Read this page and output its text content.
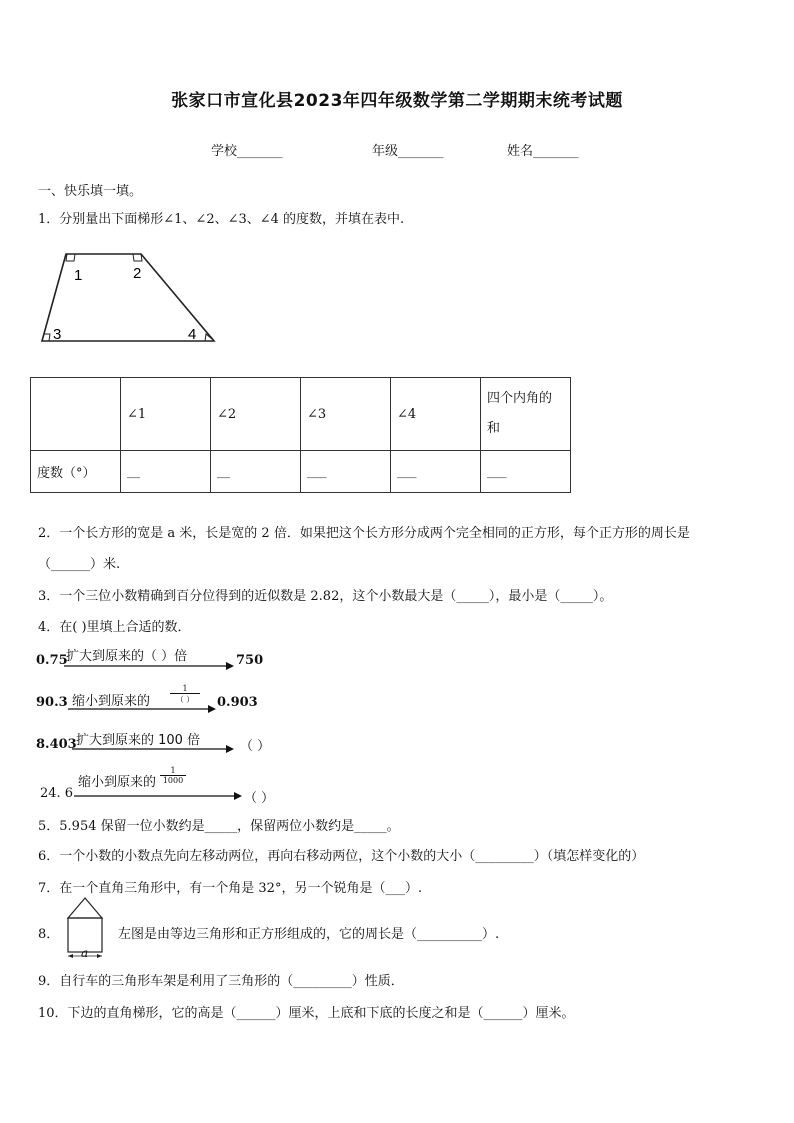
张家口市宣化县2023年四年级数学第二学期期末统考试题
学校_______	年级_______	姓名_______
一、快乐填一填。
1．分别量出下面梯形∠1、∠2、∠3、∠4 的度数，并填在表中.
1	2
3	4
	∠1	∠2	∠3	∠4	四个内角的
和
度数（°）	__	__	___	___	___
2．一个长方形的宽是 a 米，长是宽的 2 倍．如果把这个长方形分成两个完全相同的正方形，每个正方形的周长是
（______）米.
3．一个三位小数精确到百分位得到的近似数是 2.82，这个小数最大是（_____），最小是（_____）。
4．在( )里填上合适的数．
0.75
扩大到原来的（ ）倍	750
90.3 缩小到原来的
1
（ ）	0.903
8.403 扩大到原来的 100 倍	（ ）
24. 6
缩小到原来的 $\frac{1}{1000}$
（ ）
5．5.954 保留一位小数约是_____，保留两位小数约是_____。
6．一个小数的小数点先向左移动两位，再向右移动两位，这个小数的大小（_________）（填怎样变化的）
7．在一个直角三角形中，有一个角是 32°，另一个锐角是（___）.
8．
a
左图是由等边三角形和正方形组成的，它的周长是（__________）.
9．自行车的三角形车架是利用了三角形的（_________）性质．
10．下边的直角梯形，它的高是（______）厘米，上底和下底的长度之和是（______）厘米。
